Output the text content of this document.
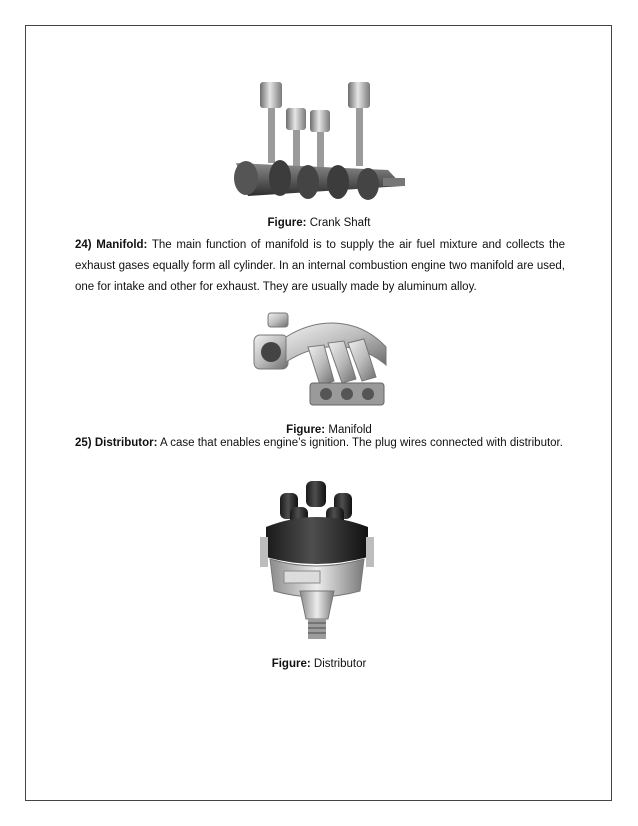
Figure: Crank Shaft
24) Manifold: The main function of manifold is to supply the air fuel mixture and collects the exhaust gases equally form all cylinder. In an internal combustion engine two manifold are used, one for intake and other for exhaust. They are usually made by aluminum alloy.
Figure: Manifold
25) Distributor: A case that enables engine’s ignition. The plug wires connected with distributor.
Figure: Distributor
